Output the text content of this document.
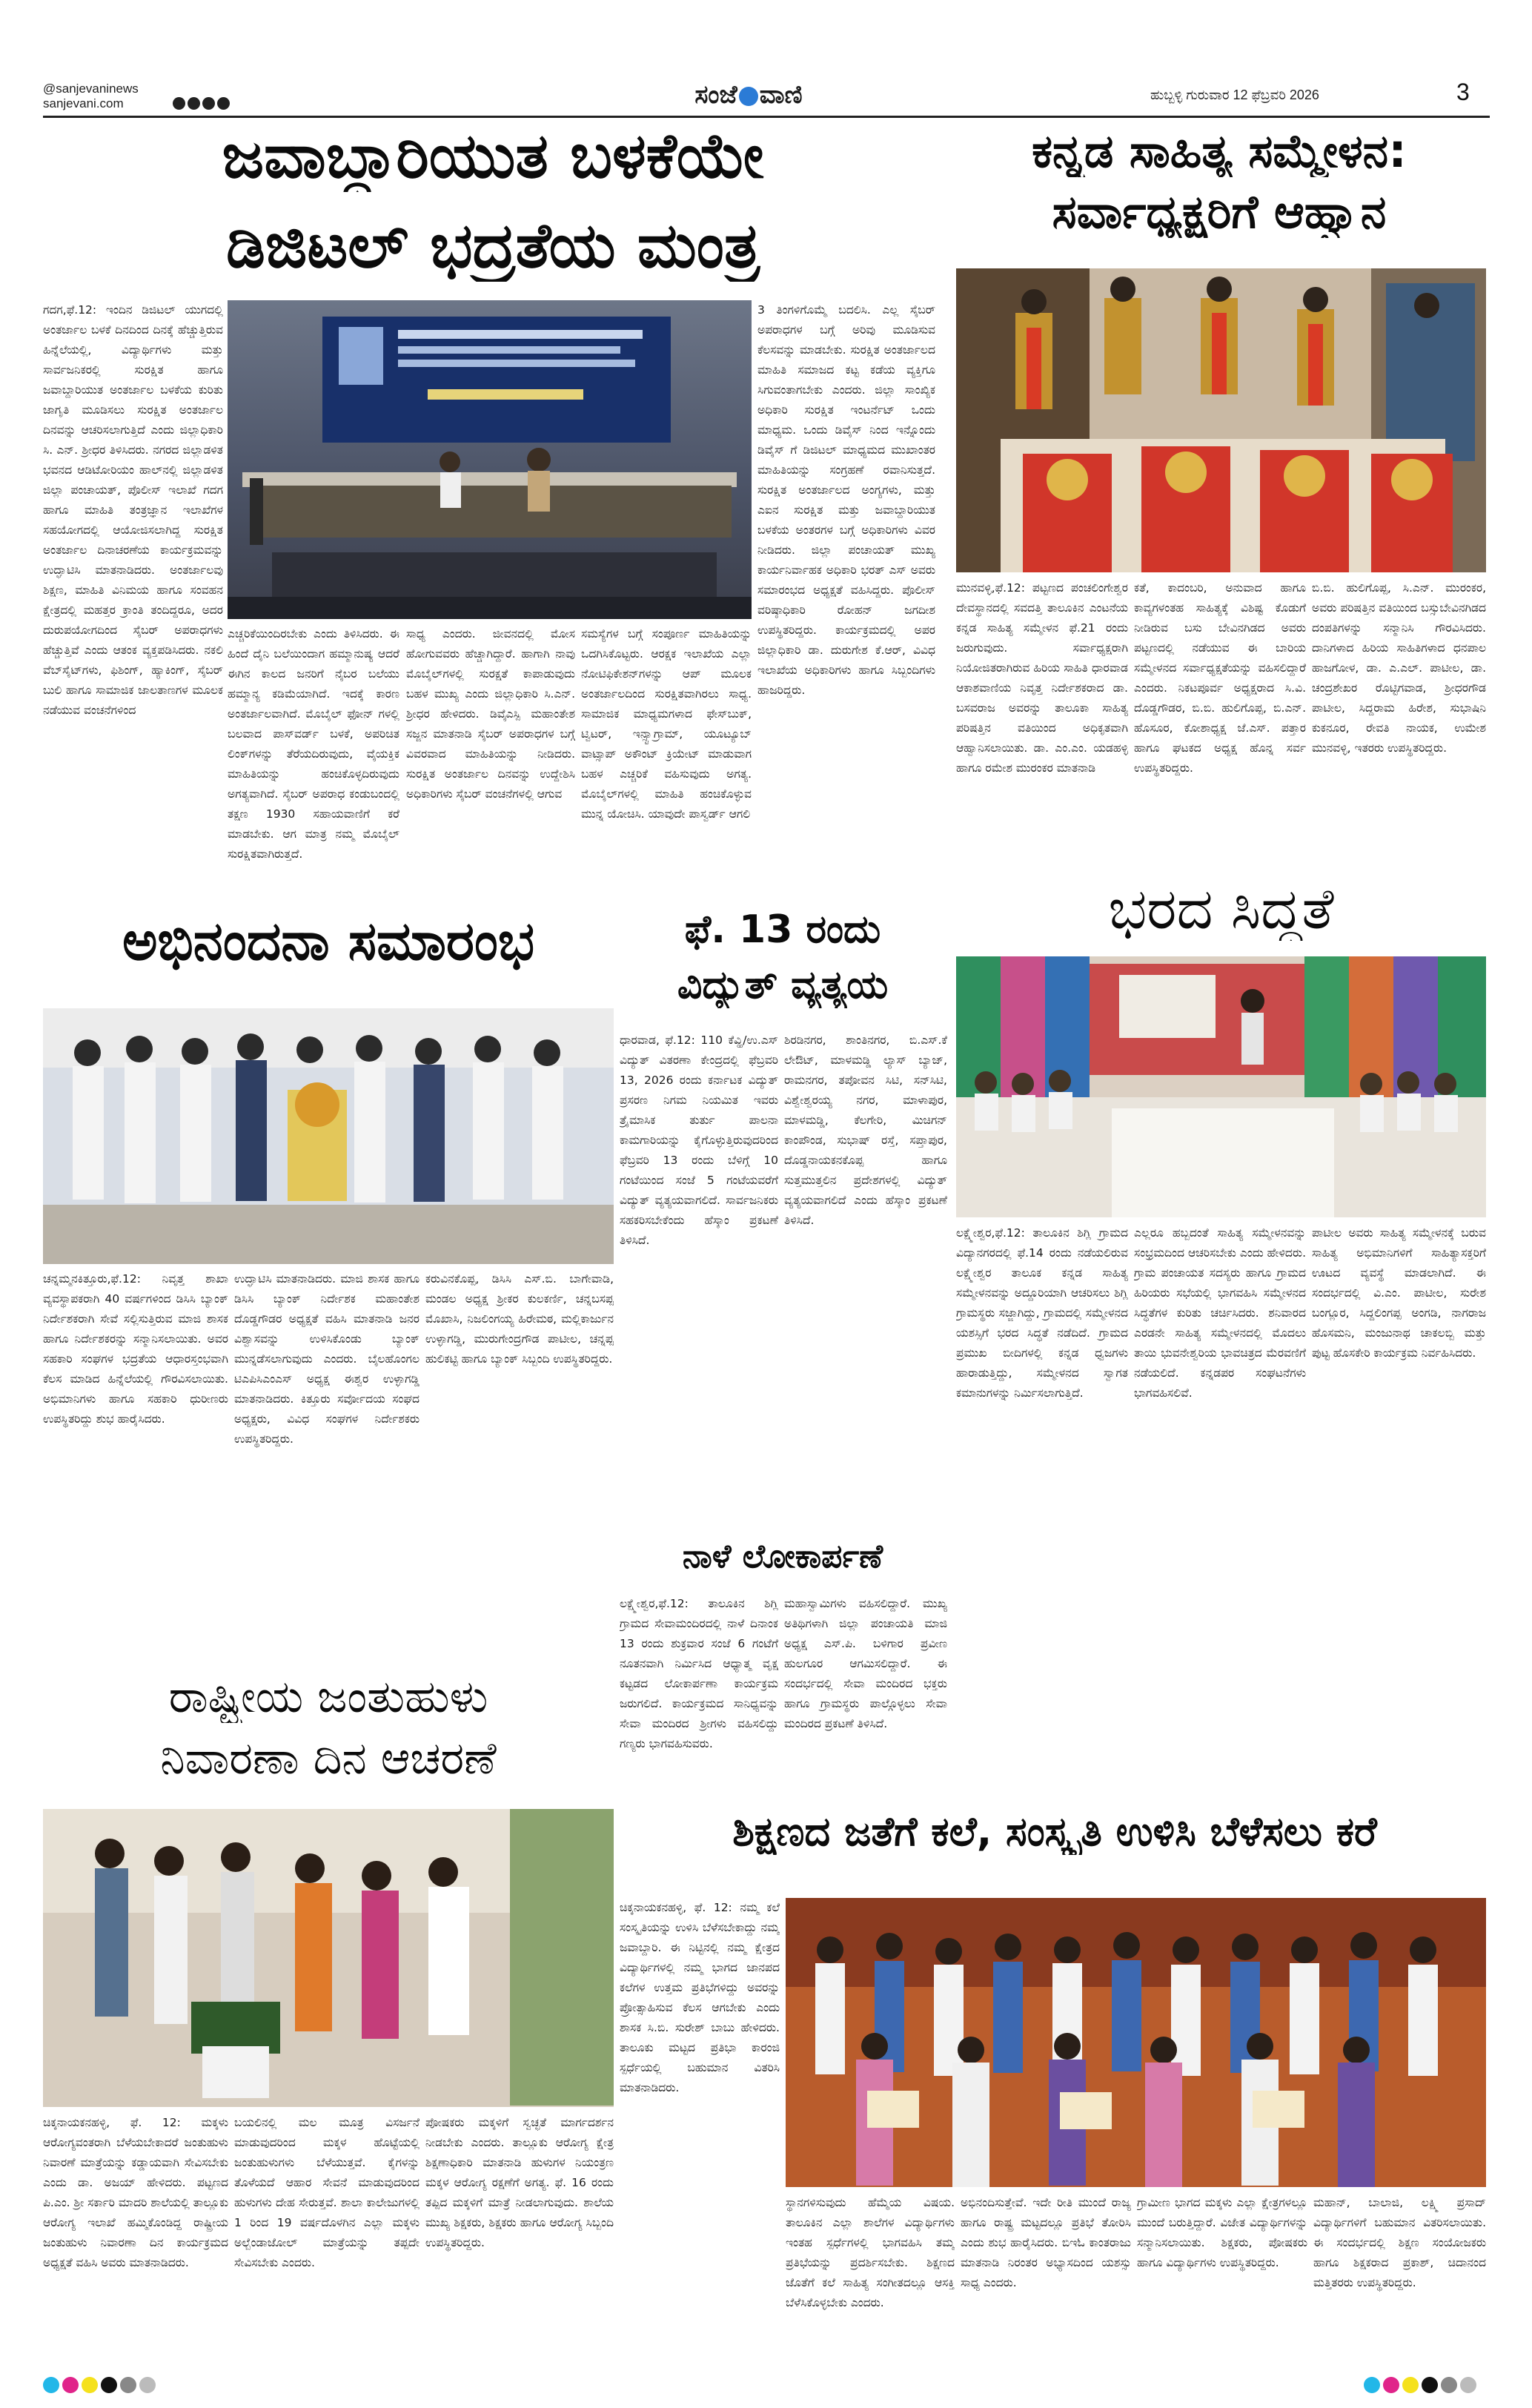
@sanjevaninews
sanjevani.com	ಸಂಜೆ ವಾಣಿ	ಹುಬ್ಬಳ್ಳಿ ಗುರುವಾರ 12 ಫೆಬ್ರವರಿ 2026	3
ಜವಾಬ್ದಾರಿಯುತ ಬಳಕೆಯೇ
ಡಿಜಿಟಲ್ ಭದ್ರತೆಯ ಮಂತ್ರ
ಗದಗ,ಫೆ.12: ಇಂದಿನ ಡಿಜಿಟಲ್ ಯುಗದಲ್ಲಿ ಅಂತರ್ಜಾಲ ಬಳಕೆ ದಿನದಿಂದ ದಿನಕ್ಕೆ ಹೆಚ್ಚುತ್ತಿರುವ ಹಿನ್ನೆಲೆಯಲ್ಲಿ, ವಿದ್ಯಾರ್ಥಿಗಳು ಮತ್ತು ಸಾರ್ವಜನಿಕರಲ್ಲಿ ಸುರಕ್ಷಿತ ಹಾಗೂ ಜವಾಬ್ದಾರಿಯುತ ಅಂತರ್ಜಾಲ ಬಳಕೆಯ ಕುರಿತು ಜಾಗೃತಿ ಮೂಡಿಸಲು ಸುರಕ್ಷಿತ ಅಂತರ್ಜಾಲ ದಿನವನ್ನು ಆಚರಿಸಲಾಗುತ್ತಿದೆ ಎಂದು ಜಿಲ್ಲಾಧಿಕಾರಿ ಸಿ. ಎನ್. ಶ್ರೀಧರ ತಿಳಿಸಿದರು. ನಗರದ ಜಿಲ್ಲಾಡಳಿತ ಭವನದ ಆಡಿಟೋರಿಯಂ ಹಾಲ್‌ನಲ್ಲಿ ಜಿಲ್ಲಾಡಳಿತ ಜಿಲ್ಲಾ ಪಂಚಾಯತ್, ಪೊಲೀಸ್ ಇಲಾಖೆ ಗದಗ ಹಾಗೂ ಮಾಹಿತಿ ತಂತ್ರಜ್ಞಾನ ಇಲಾಖೆಗಳ ಸಹಯೋಗದಲ್ಲಿ ಆಯೋಜಿಸಲಾಗಿದ್ದ ಸುರಕ್ಷಿತ ಅಂತರ್ಜಾಲ ದಿನಾಚರಣೆಯ ಕಾರ್ಯಕ್ರಮವನ್ನು ಉದ್ಘಾಟಿಸಿ ಮಾತನಾಡಿದರು. ಅಂತರ್ಜಾಲವು ಶಿಕ್ಷಣ, ಮಾಹಿತಿ ವಿನಿಮಯ ಹಾಗೂ ಸಂವಹನ ಕ್ಷೇತ್ರದಲ್ಲಿ ಮಹತ್ತರ ಕ್ರಾಂತಿ ತಂದಿದ್ದರೂ, ಅದರ ದುರುಪಯೋಗದಿಂದ ಸೈಬರ್ ಅಪರಾಧಗಳು ಹೆಚ್ಚುತ್ತಿವೆ ಎಂದು ಆತಂಕ ವ್ಯಕ್ತಪಡಿಸಿದರು. ನಕಲಿ ವೆಬ್‌ಸೈಟ್‌ಗಳು, ಫಿಶಿಂಗ್, ಹ್ಯಾಕಿಂಗ್, ಸೈಬರ್ ಬುಲಿ ಹಾಗೂ ಸಾಮಾಜಿಕ ಜಾಲತಾಣಗಳ ಮೂಲಕ ನಡೆಯುವ ವಂಚನೆಗಳಿಂದ
ಎಚ್ಚರಿಕೆಯಿಂದಿರಬೇಕು ಎಂದು ತಿಳಿಸಿದರು. ಈ ಹಿಂದೆ ದೈನಿ ಬಲೆಯಿಂದಾಗ ಹಮ್ಮಾನುಷ್ಯ ಆದರೆ ಈಗಿನ ಕಾಲದ ಜನರಿಗೆ ನೈಬರ ಬಲೆಯು ಹಮ್ಮಾನ್ಯ ಕಡಿಮೆಯಾಗಿದೆ. ಇದಕ್ಕೆ ಕಾರಣ ಅಂತರ್ಜಾಲವಾಗಿದೆ. ಮೊಬೈಲ್ ಫೋನ್ ಗಳಲ್ಲಿ ಬಲವಾದ ಪಾಸ್‌ವರ್ಡ್ ಬಳಕೆ, ಅಪರಿಚಿತ ಲಿಂಕ್‌ಗಳನ್ನು ತೆರೆಯದಿರುವುದು, ವೈಯಕ್ತಿಕ ಮಾಹಿತಿಯನ್ನು ಹಂಚಿಕೊಳ್ಳದಿರುವುದು ಅಗತ್ಯವಾಗಿದೆ. ಸೈಬರ್ ಅಪರಾಧ ಕಂಡುಬಂದಲ್ಲಿ ತಕ್ಷಣ 1930 ಸಹಾಯವಾಣಿಗೆ ಕರೆ ಮಾಡಬೇಕು. ಆಗ ಮಾತ್ರ ನಮ್ಮ ಮೊಬೈಲ್ ಸುರಕ್ಷಿತವಾಗಿರುತ್ತದೆ.
ಸಾಧ್ಯ ಎಂದರು. ಜೀವನದಲ್ಲಿ ಮೋಸ ಹೋಗುವವರು ಹೆಚ್ಚಾಗಿದ್ದಾರೆ. ಹಾಗಾಗಿ ನಾವು ಮೊಬೈಲ್‌ಗಳಲ್ಲಿ ಸುರಕ್ಷತೆ ಕಾಪಾಡುವುದು ಬಹಳ ಮುಖ್ಯ ಎಂದು ಜಿಲ್ಲಾಧಿಕಾರಿ ಸಿ.ಎನ್. ಶ್ರೀಧರ ಹೇಳಿದರು. ಡಿವೈಎಸ್ಪಿ ಮಹಾಂತೇಶ ಸಜ್ಜನ ಮಾತನಾಡಿ ಸೈಬರ್ ಅಪರಾಧಗಳ ಬಗ್ಗೆ ವಿವರವಾದ ಮಾಹಿತಿಯನ್ನು ನೀಡಿದರು. ಸುರಕ್ಷಿತ ಅಂತರ್ಜಾಲ ದಿನವನ್ನು ಉದ್ದೇಶಿಸಿ ಅಧಿಕಾರಿಗಳು ಸೈಬರ್ ವಂಚನೆಗಳಲ್ಲಿ ಆಗುವ
ಸಮಸ್ಯೆಗಳ ಬಗ್ಗೆ ಸಂಪೂರ್ಣ ಮಾಹಿತಿಯನ್ನು ಒದಗಿಸಿಕೊಟ್ಟರು. ಆರಕ್ಷಕ ಇಲಾಖೆಯ ಎಲ್ಲಾ ನೋಟಿಫಿಕೇಶನ್‌ಗಳನ್ನು ಆಪ್ ಮೂಲಕ ಅಂತರ್ಜಾಲದಿಂದ ಸುರಕ್ಷಿತವಾಗಿರಲು ಸಾಧ್ಯ. ಸಾಮಾಜಿಕ ಮಾಧ್ಯಮಗಳಾದ ಫೇಸ್‌ಬುಕ್, ಟ್ವಿಟರ್, ಇನ್ಸ್ಟಾಗ್ರಾಮ್, ಯೂಟ್ಯೂಬ್ ವಾಟ್ಸಾಪ್ ಅಕೌಂಟ್ ಕ್ರಿಯೇಟ್ ಮಾಡುವಾಗ ಬಹಳ ಎಚ್ಚರಿಕೆ ವಹಿಸುವುದು ಅಗತ್ಯ. ಮೊಬೈಲ್‌ಗಳಲ್ಲಿ ಮಾಹಿತಿ ಹಂಚಿಕೊಳ್ಳುವ ಮುನ್ನ ಯೋಚಿಸಿ. ಯಾವುದೇ ಪಾಸ್ವರ್ಡ್ ಆಗಲಿ
3 ತಿಂಗಳಿಗೊಮ್ಮೆ ಬದಲಿಸಿ. ಎಲ್ಲ ಸೈಬರ್ ಅಪರಾಧಗಳ ಬಗ್ಗೆ ಅರಿವು ಮೂಡಿಸುವ ಕೆಲಸವನ್ನು ಮಾಡಬೇಕು. ಸುರಕ್ಷಿತ ಅಂತರ್ಜಾಲದ ಮಾಹಿತಿ ಸಮಾಜದ ಕಟ್ಟ ಕಡೆಯ ವ್ಯಕ್ತಿಗೂ ಸಿಗುವಂತಾಗಬೇಕು ಎಂದರು. ಜಿಲ್ಲಾ ಸಾಂಖ್ಯಿಕ ಅಧಿಕಾರಿ ಸುರಕ್ಷಿತ ಇಂಟರ್ನೆಟ್ ಒಂದು ಮಾಧ್ಯಮ. ಒಂದು ಡಿವೈಸ್ ನಿಂದ ಇನ್ನೊಂದು ಡಿವೈಸ್ ಗೆ ಡಿಜಿಟಲ್ ಮಾಧ್ಯಮದ ಮುಖಾಂತರ ಮಾಹಿತಿಯನ್ನು ಸಂಗ್ರಹಣೆ ರವಾನಿಸುತ್ತದೆ. ಸುರಕ್ಷಿತ ಅಂತರ್ಜಾಲದ ಅಂಗ್ಯಗಳು, ಮತ್ತು ಎಐನ ಸುರಕ್ಷಿತ ಮತ್ತು ಜವಾಬ್ದಾರಿಯುತ ಬಳಕೆಯ ಅಂತರಗಳ ಬಗ್ಗೆ ಅಧಿಕಾರಿಗಳು ವಿವರ ನೀಡಿದರು. ಜಿಲ್ಲಾ ಪಂಚಾಯತ್ ಮುಖ್ಯ ಕಾರ್ಯನಿರ್ವಾಹಕ ಅಧಿಕಾರಿ ಭರತ್ ಎಸ್ ಅವರು ಸಮಾರಂಭದ ಅಧ್ಯಕ್ಷತೆ ವಹಿಸಿದ್ದರು. ಪೊಲೀಸ್ ವರಿಷ್ಠಾಧಿಕಾರಿ ರೋಹನ್ ಜಗದೀಶ ಉಪಸ್ಥಿತರಿದ್ದರು. ಕಾರ್ಯಕ್ರಮದಲ್ಲಿ ಅಪರ ಜಿಲ್ಲಾಧಿಕಾರಿ ಡಾ. ದುರುಗೇಶ ಕೆ.ಆರ್, ವಿವಿಧ ಇಲಾಖೆಯ ಅಧಿಕಾರಿಗಳು ಹಾಗೂ ಸಿಬ್ಬಂದಿಗಳು ಹಾಜರಿದ್ದರು.
ಕನ್ನಡ ಸಾಹಿತ್ಯ ಸಮ್ಮೇಳನ:
ಸರ್ವಾಧ್ಯಕ್ಷರಿಗೆ ಆಹ್ವಾನ
ಮುನವಳ್ಳಿ,ಫೆ.12: ಪಟ್ಟಣದ ಪಂಚಲಿಂಗೇಶ್ವರ ದೇವಸ್ಥಾನದಲ್ಲಿ ಸವದತ್ತಿ ತಾಲೂಕಿನ ಎಂಟನೆಯ ಕನ್ನಡ ಸಾಹಿತ್ಯ ಸಮ್ಮೇಳನ ಫೆ.21 ರಂದು ಜರುಗುವುದು. ಸರ್ವಾಧ್ಯಕ್ಷರಾಗಿ ನಿಯೋಜಿತರಾಗಿರುವ ಹಿರಿಯ ಸಾಹಿತಿ ಧಾರವಾಡ ಆಕಾಶವಾಣಿಯ ನಿವೃತ್ತ ನಿರ್ದೇಶಕರಾದ ಡಾ. ಬಸವರಾಜ ಅವರನ್ನು ತಾಲೂಕಾ ಸಾಹಿತ್ಯ ಪರಿಷತ್ತಿನ ವತಿಯಿಂದ ಅಧಿಕೃತವಾಗಿ ಆಹ್ವಾನಿಸಲಾಯಿತು. ಡಾ. ಎಂ.ಎಂ. ಯಡಹಳ್ಳಿ ಹಾಗೂ ರಮೇಶ ಮುರಂಕರ ಮಾತನಾಡಿ
ಕತೆ, ಕಾದಂಬರಿ, ಅನುವಾದ ಹಾಗೂ ಕಾವ್ಯಗಳಂತಹ ಸಾಹಿತ್ಯಕ್ಕೆ ವಿಶಿಷ್ಟ ಕೊಡುಗೆ ನೀಡಿರುವ ಬಸು ಬೇವಿನಗಿಡದ ಅವರು ಪಟ್ಟಣದಲ್ಲಿ ನಡೆಯುವ ಈ ಬಾರಿಯ ಸಮ್ಮೇಳನದ ಸರ್ವಾಧ್ಯಕ್ಷತೆಯನ್ನು ವಹಿಸಲಿದ್ದಾರೆ ಎಂದರು. ನಿಕಟಪೂರ್ವ ಅಧ್ಯಕ್ಷರಾದ ಸಿ.ವಿ. ದೊಡ್ಡಗೌಡರ, ಬಿ.ಬಿ. ಹುಲಿಗೊಪ್ಪ, ಬಿ.ಎನ್. ಹೊಸೂರ, ಕೋಶಾಧ್ಯಕ್ಷ ಜೆ.ಎಸ್. ಪತ್ತಾರ ಹಾಗೂ ಘಟಕದ ಅಧ್ಯಕ್ಷ ಹೊನ್ನ ಸರ್ವ ಉಪಸ್ಥಿತರಿದ್ದರು.
ಬಿ.ಬಿ. ಹುಲಿಗೊಪ್ಪ, ಸಿ.ಎನ್. ಮುರಂಕರ, ಅವರು ಪರಿಷತ್ತಿನ ವತಿಯಿಂದ ಬಸ್ಸುಬೇವಿನಗಿಡದ ದಂಪತಿಗಳನ್ನು ಸನ್ಮಾನಿಸಿ ಗೌರವಿಸಿದರು. ದಾನಿಗಳಾದ ಹಿರಿಯ ಸಾಹಿತಿಗಳಾದ ಧನಪಾಲ ಹಾಜಗೋಳ, ಡಾ. ಎ.ಎಲ್. ಪಾಟೀಲ, ಡಾ. ಚಂದ್ರಶೇಖರ ರೊಟ್ಟಿಗವಾಡ, ಶ್ರೀಧರಗೌಡ ಪಾಟೀಲ, ಸಿದ್ದರಾಮ ಹಿರೇಶ, ಸುಭಾಷಿನಿ ಕುಕನೂರ, ರೇವತಿ ನಾಯಕ, ಉಮೇಶ ಮುನವಳ್ಳಿ, ಇತರರು ಉಪಸ್ಥಿತರಿದ್ದರು.
ಭರದ ಸಿದ್ಧತೆ
ಲಕ್ಷ್ಮೇಶ್ವರ,ಫೆ.12: ತಾಲೂಕಿನ ಶಿಗ್ಲಿ ಗ್ರಾಮದ ವಿದ್ಯಾನಗರದಲ್ಲಿ ಫೆ.14 ರಂದು ನಡೆಯಲಿರುವ ಲಕ್ಷ್ಮೇಶ್ವರ ತಾಲೂಕ ಕನ್ನಡ ಸಾಹಿತ್ಯ ಸಮ್ಮೇಳನವನ್ನು ಅದ್ದೂರಿಯಾಗಿ ಆಚರಿಸಲು ಶಿಗ್ಲಿ ಗ್ರಾಮಸ್ಥರು ಸಜ್ಜಾಗಿದ್ದು, ಗ್ರಾಮದಲ್ಲಿ ಸಮ್ಮೇಳನದ ಯಶಸ್ಸಿಗೆ ಭರದ ಸಿದ್ಧತೆ ನಡೆದಿದೆ. ಗ್ರಾಮದ ಪ್ರಮುಖ ಬೀದಿಗಳಲ್ಲಿ ಕನ್ನಡ ಧ್ವಜಗಳು ಹಾರಾಡುತ್ತಿದ್ದು, ಸಮ್ಮೇಳನದ ಸ್ವಾಗತ ಕಮಾನುಗಳನ್ನು ನಿರ್ಮಿಸಲಾಗುತ್ತಿದೆ.
ಎಲ್ಲರೂ ಹಬ್ಬದಂತೆ ಸಾಹಿತ್ಯ ಸಮ್ಮೇಳನವನ್ನು ಸಂಭ್ರಮದಿಂದ ಆಚರಿಸಬೇಕು ಎಂದು ಹೇಳಿದರು. ಗ್ರಾಮ ಪಂಚಾಯತ ಸದಸ್ಯರು ಹಾಗೂ ಗ್ರಾಮದ ಹಿರಿಯರು ಸಭೆಯಲ್ಲಿ ಭಾಗವಹಿಸಿ ಸಮ್ಮೇಳನದ ಸಿದ್ಧತೆಗಳ ಕುರಿತು ಚರ್ಚಿಸಿದರು. ಶನಿವಾರದ ಎರಡನೇ ಸಾಹಿತ್ಯ ಸಮ್ಮೇಳನದಲ್ಲಿ ಮೊದಲು ತಾಯಿ ಭುವನೇಶ್ವರಿಯ ಭಾವಚಿತ್ರದ ಮೆರವಣಿಗೆ ನಡೆಯಲಿದೆ. ಕನ್ನಡಪರ ಸಂಘಟನೆಗಳು ಭಾಗವಹಿಸಲಿವೆ.
ಪಾಟೀಲ ಅವರು ಸಾಹಿತ್ಯ ಸಮ್ಮೇಳನಕ್ಕೆ ಬರುವ ಸಾಹಿತ್ಯ ಅಭಿಮಾನಿಗಳಿಗೆ ಸಾಹಿತ್ಯಾಸಕ್ತರಿಗೆ ಊಟದ ವ್ಯವಸ್ಥೆ ಮಾಡಲಾಗಿದೆ. ಈ ಸಂದರ್ಭದಲ್ಲಿ ವಿ.ಎಂ. ಪಾಟೀಲ, ಸುರೇಶ ಬಂಗ್ಲೂರ, ಸಿದ್ದಲಿಂಗಪ್ಪ ಅಂಗಡಿ, ನಾಗರಾಜ ಹೊಸಮನಿ, ಮಂಜುನಾಥ ಚಾಕಲಬ್ಬಿ ಮತ್ತು ಪುಟ್ಟ ಹೊಸಕೇರಿ ಕಾರ್ಯಕ್ರಮ ನಿರ್ವಹಿಸಿದರು.
ಅಭಿನಂದನಾ ಸಮಾರಂಭ
ಚನ್ನಮ್ಮನಕಿತ್ತೂರು,ಫೆ.12: ನಿವೃತ್ತ ಶಾಖಾ ವ್ಯವಸ್ಥಾಪಕರಾಗಿ 40 ವರ್ಷಗಳಿಂದ ಡಿಸಿಸಿ ಬ್ಯಾಂಕ್ ನಿರ್ದೇಶಕರಾಗಿ ಸೇವೆ ಸಲ್ಲಿಸುತ್ತಿರುವ ಮಾಜಿ ಶಾಸಕ ಹಾಗೂ ನಿರ್ದೇಶಕರನ್ನು ಸನ್ಮಾನಿಸಲಾಯಿತು. ಅವರ ಸಹಕಾರಿ ಸಂಘಗಳ ಭದ್ರತೆಯ ಆಧಾರಸ್ತಂಭವಾಗಿ ಕೆಲಸ ಮಾಡಿದ ಹಿನ್ನೆಲೆಯಲ್ಲಿ ಗೌರವಿಸಲಾಯಿತು. ಅಭಿಮಾನಿಗಳು ಹಾಗೂ ಸಹಕಾರಿ ಧುರೀಣರು ಉಪಸ್ಥಿತರಿದ್ದು ಶುಭ ಹಾರೈಸಿದರು.
ಉದ್ಘಾಟಿಸಿ ಮಾತನಾಡಿದರು. ಮಾಜಿ ಶಾಸಕ ಹಾಗೂ ಡಿಸಿಸಿ ಬ್ಯಾಂಕ್ ನಿರ್ದೇಶಕ ಮಹಾಂತೇಶ ದೊಡ್ಡಗೌಡರ ಅಧ್ಯಕ್ಷತೆ ವಹಿಸಿ ಮಾತನಾಡಿ ಜನರ ವಿಶ್ವಾಸವನ್ನು ಉಳಿಸಿಕೊಂಡು ಬ್ಯಾಂಕ್ ಮುನ್ನಡೆಸಲಾಗುವುದು ಎಂದರು. ಬೈಲಹೊಂಗಲ ಟಿಎಪಿಸಿಎಂಎಸ್ ಅಧ್ಯಕ್ಷ ಈಶ್ವರ ಉಳ್ಳಾಗಡ್ಡಿ ಮಾತನಾಡಿದರು. ಕಿತ್ತೂರು ಸರ್ವೋದಯ ಸಂಘದ ಅಧ್ಯಕ್ಷರು, ವಿವಿಧ ಸಂಘಗಳ ನಿರ್ದೇಶಕರು ಉಪಸ್ಥಿತರಿದ್ದರು.
ಕರುವಿನಕೊಪ್ಪ, ಡಿಸಿಸಿ ಎಸ್.ಬಿ. ಬಾಗೇವಾಡಿ, ಮಂಡಲ ಅಧ್ಯಕ್ಷ ಶ್ರೀಕರ ಕುಲಕರ್ಣಿ, ಚನ್ನಬಸಪ್ಪ ಮೊಖಾಸಿ, ನಿಜಲಿಂಗಯ್ಯ ಹಿರೇಮಠ, ಮಲ್ಲಿಕಾರ್ಜುನ ಉಳ್ಳಾಗಡ್ಡಿ, ಮುರುಗೇಂದ್ರಗೌಡ ಪಾಟೀಲ, ಚನ್ನಪ್ಪ ಹುಲಿಕಟ್ಟಿ ಹಾಗೂ ಬ್ಯಾಂಕ್ ಸಿಬ್ಬಂದಿ ಉಪಸ್ಥಿತರಿದ್ದರು.
ಫೆ. 13 ರಂದು
ವಿದ್ಯುತ್ ವ್ಯತ್ಯಯ
ಧಾರವಾಡ, ಫೆ.12: 110 ಕೆವ್ಹಿ/ಉ.ಎಸ್ ವಿದ್ಯುತ್ ವಿತರಣಾ ಕೇಂದ್ರದಲ್ಲಿ ಫೆಬ್ರವರಿ 13, 2026 ರಂದು ಕರ್ನಾಟಕ ವಿದ್ಯುತ್ ಪ್ರಸರಣ ನಿಗಮ ನಿಯಮಿತ ಇವರು ತ್ರೈಮಾಸಿಕ ತುರ್ತು ಪಾಲನಾ ಕಾಮಗಾರಿಯನ್ನು ಕೈಗೊಳ್ಳುತ್ತಿರುವುದರಿಂದ ಫೆಬ್ರವರಿ 13 ರಂದು ಬೆಳಿಗ್ಗೆ 10 ಗಂಟೆಯಿಂದ ಸಂಜೆ 5 ಗಂಟೆಯವರೆಗೆ ವಿದ್ಯುತ್ ವ್ಯತ್ಯಯವಾಗಲಿದೆ. ಸಾರ್ವಜನಿಕರು ಸಹಕರಿಸಬೇಕೆಂದು ಹೆಸ್ಕಾಂ ಪ್ರಕಟಣೆ ತಿಳಿಸಿದೆ.
ಶಿರಡಿನಗರ, ಶಾಂತಿನಗರ, ಬಿ.ಎಸ್.ಕೆ ಲೇಔಟ್, ಮಾಳಮಡ್ಡಿ ಲ್ಯಾಸ್ ಬ್ಯಾಜ್, ರಾಮನಗರ, ತಪೋವನ ಸಿಟಿ, ಸನ್‌ಸಿಟಿ, ವಿಶ್ವೇಶ್ವರಯ್ಯ ನಗರ, ಮಾಳಾಪುರ, ಮಾಳಮಡ್ಡಿ, ಕೆಲಗೇರಿ, ಮಿಚಿಗನ್ ಕಾಂಪೌಂಡ, ಸುಭಾಷ್ ರಸ್ತೆ, ಸಪ್ತಾಪುರ, ದೊಡ್ಡನಾಯಕನಕೊಪ್ಪ ಹಾಗೂ ಸುತ್ತಮುತ್ತಲಿನ ಪ್ರದೇಶಗಳಲ್ಲಿ ವಿದ್ಯುತ್ ವ್ಯತ್ಯಯವಾಗಲಿದೆ ಎಂದು ಹೆಸ್ಕಾಂ ಪ್ರಕಟಣೆ ತಿಳಿಸಿದೆ.
ನಾಳೆ ಲೋಕಾರ್ಪಣೆ
ಲಕ್ಷ್ಮೇಶ್ವರ,ಫೆ.12: ತಾಲೂಕಿನ ಶಿಗ್ಲಿ ಗ್ರಾಮದ ಸೇವಾಮಂದಿರದಲ್ಲಿ ನಾಳೆ ದಿನಾಂಕ 13 ರಂದು ಶುಕ್ರವಾರ ಸಂಜೆ 6 ಗಂಟೆಗೆ ನೂತನವಾಗಿ ನಿರ್ಮಿಸಿದ ಆಧ್ಯಾತ್ಮ ವೃಕ್ಷ ಕಟ್ಟಡದ ಲೋಕಾರ್ಪಣಾ ಕಾರ್ಯಕ್ರಮ ಜರುಗಲಿದೆ. ಕಾರ್ಯಕ್ರಮದ ಸಾನಿಧ್ಯವನ್ನು ಸೇವಾ ಮಂದಿರದ ಶ್ರೀಗಳು ವಹಿಸಲಿದ್ದು ಗಣ್ಯರು ಭಾಗವಹಿಸುವರು.
ಮಹಾಸ್ವಾಮಿಗಳು ವಹಿಸಲಿದ್ದಾರೆ. ಮುಖ್ಯ ಅತಿಥಿಗಳಾಗಿ ಜಿಲ್ಲಾ ಪಂಚಾಯತಿ ಮಾಜಿ ಅಧ್ಯಕ್ಷ ಎಸ್.ಪಿ. ಬಳಿಗಾರ ಪ್ರವೀಣ ಹುಲಗೂರ ಆಗಮಿಸಲಿದ್ದಾರೆ. ಈ ಸಂದರ್ಭದಲ್ಲಿ ಸೇವಾ ಮಂದಿರದ ಭಕ್ತರು ಹಾಗೂ ಗ್ರಾಮಸ್ಥರು ಪಾಲ್ಗೊಳ್ಳಲು ಸೇವಾ ಮಂದಿರದ ಪ್ರಕಟಣೆ ತಿಳಿಸಿದೆ.
ರಾಷ್ಟ್ರೀಯ ಜಂತುಹುಳು
ನಿವಾರಣಾ ದಿನ ಆಚರಣೆ
ಚಿಕ್ಕನಾಯಕನಹಳ್ಳಿ, ಫೆ. 12: ಮಕ್ಕಳು ಆರೋಗ್ಯವಂತರಾಗಿ ಬೆಳೆಯಬೇಕಾದರೆ ಜಂತುಹುಳು ನಿವಾರಣೆ ಮಾತ್ರೆಯನ್ನು ಕಡ್ಡಾಯವಾಗಿ ಸೇವಿಸಬೇಕು ಎಂದು ಡಾ. ಅಜಯ್ ಹೇಳಿದರು. ಪಟ್ಟಣದ ಪಿ.ಎಂ. ಶ್ರೀ ಸರ್ಕಾರಿ ಮಾದರಿ ಶಾಲೆಯಲ್ಲಿ ತಾಲ್ಲೂಕು ಆರೋಗ್ಯ ಇಲಾಖೆ ಹಮ್ಮಿಕೊಂಡಿದ್ದ ರಾಷ್ಟ್ರೀಯ ಜಂತುಹುಳು ನಿವಾರಣಾ ದಿನ ಕಾರ್ಯಕ್ರಮದ ಅಧ್ಯಕ್ಷತೆ ವಹಿಸಿ ಅವರು ಮಾತನಾಡಿದರು.
ಬಯಲಿನಲ್ಲಿ ಮಲ ಮೂತ್ರ ವಿಸರ್ಜನೆ ಮಾಡುವುದರಿಂದ ಮಕ್ಕಳ ಹೊಟ್ಟೆಯಲ್ಲಿ ಜಂತುಹುಳುಗಳು ಬೆಳೆಯುತ್ತವೆ. ಕೈಗಳನ್ನು ತೊಳೆಯದೆ ಆಹಾರ ಸೇವನೆ ಮಾಡುವುದರಿಂದ ಹುಳುಗಳು ದೇಹ ಸೇರುತ್ತವೆ. ಶಾಲಾ ಕಾಲೇಜುಗಳಲ್ಲಿ 1 ರಿಂದ 19 ವರ್ಷದೊಳಗಿನ ಎಲ್ಲಾ ಮಕ್ಕಳು ಅಲ್ಬೆಂಡಾಜೋಲ್ ಮಾತ್ರೆಯನ್ನು ತಪ್ಪದೇ ಸೇವಿಸಬೇಕು ಎಂದರು.
ಪೋಷಕರು ಮಕ್ಕಳಿಗೆ ಸ್ವಚ್ಛತೆ ಮಾರ್ಗದರ್ಶನ ನೀಡಬೇಕು ಎಂದರು. ತಾಲ್ಲೂಕು ಆರೋಗ್ಯ ಕ್ಷೇತ್ರ ಶಿಕ್ಷಣಾಧಿಕಾರಿ ಮಾತನಾಡಿ ಹುಳುಗಳ ನಿಯಂತ್ರಣ ಮಕ್ಕಳ ಆರೋಗ್ಯ ರಕ್ಷಣೆಗೆ ಅಗತ್ಯ. ಫೆ. 16 ರಂದು ತಪ್ಪಿದ ಮಕ್ಕಳಿಗೆ ಮಾತ್ರೆ ನೀಡಲಾಗುವುದು. ಶಾಲೆಯ ಮುಖ್ಯ ಶಿಕ್ಷಕರು, ಶಿಕ್ಷಕರು ಹಾಗೂ ಆರೋಗ್ಯ ಸಿಬ್ಬಂದಿ ಉಪಸ್ಥಿತರಿದ್ದರು.
ಶಿಕ್ಷಣದ ಜತೆಗೆ ಕಲೆ, ಸಂಸ್ಕೃತಿ ಉಳಿಸಿ ಬೆಳೆಸಲು ಕರೆ
ಚಿಕ್ಕನಾಯಕನಹಳ್ಳಿ, ಫೆ. 12: ನಮ್ಮ ಕಲೆ ಸಂಸ್ಕೃತಿಯನ್ನು ಉಳಿಸಿ ಬೆಳೆಸಬೇಕಾದ್ದು ನಮ್ಮ ಜವಾಬ್ದಾರಿ. ಈ ನಿಟ್ಟಿನಲ್ಲಿ ನಮ್ಮ ಕ್ಷೇತ್ರದ ವಿದ್ಯಾರ್ಥಿಗಳಲ್ಲಿ ನಮ್ಮ ಭಾಗದ ಜಾನಪದ ಕಲೆಗಳ ಉತ್ತಮ ಪ್ರತಿಭೆಗಳಿದ್ದು ಅವರನ್ನು ಪ್ರೋತ್ಸಾಹಿಸುವ ಕೆಲಸ ಆಗಬೇಕು ಎಂದು ಶಾಸಕ ಸಿ.ಬಿ. ಸುರೇಶ್ ಬಾಬು ಹೇಳಿದರು. ತಾಲೂಕು ಮಟ್ಟದ ಪ್ರತಿಭಾ ಕಾರಂಜಿ ಸ್ಪರ್ಧೆಯಲ್ಲಿ ಬಹುಮಾನ ವಿತರಿಸಿ ಮಾತನಾಡಿದರು.
ಸ್ಥಾನಗಳಿಸುವುದು ಹೆಮ್ಮೆಯ ವಿಷಯ. ತಾಲೂಕಿನ ಎಲ್ಲಾ ಶಾಲೆಗಳ ವಿದ್ಯಾರ್ಥಿಗಳು ಇಂತಹ ಸ್ಪರ್ಧೆಗಳಲ್ಲಿ ಭಾಗವಹಿಸಿ ತಮ್ಮ ಪ್ರತಿಭೆಯನ್ನು ಪ್ರದರ್ಶಿಸಬೇಕು. ಶಿಕ್ಷಣದ ಜೊತೆಗೆ ಕಲೆ ಸಾಹಿತ್ಯ ಸಂಗೀತದಲ್ಲೂ ಆಸಕ್ತಿ ಬೆಳೆಸಿಕೊಳ್ಳಬೇಕು ಎಂದರು.
ಅಭಿನಂದಿಸುತ್ತೇವೆ. ಇದೇ ರೀತಿ ಮುಂದೆ ರಾಜ್ಯ ಹಾಗೂ ರಾಷ್ಟ್ರ ಮಟ್ಟದಲ್ಲೂ ಪ್ರತಿಭೆ ತೋರಿಸಿ ಎಂದು ಶುಭ ಹಾರೈಸಿದರು. ಬಿಇಓ ಕಾಂತರಾಜು ಮಾತನಾಡಿ ನಿರಂತರ ಅಭ್ಯಾಸದಿಂದ ಯಶಸ್ಸು ಸಾಧ್ಯ ಎಂದರು.
ಗ್ರಾಮೀಣ ಭಾಗದ ಮಕ್ಕಳು ಎಲ್ಲಾ ಕ್ಷೇತ್ರಗಳಲ್ಲೂ ಮುಂದೆ ಬರುತ್ತಿದ್ದಾರೆ. ವಿಜೇತ ವಿದ್ಯಾರ್ಥಿಗಳನ್ನು ಸನ್ಮಾನಿಸಲಾಯಿತು. ಶಿಕ್ಷಕರು, ಪೋಷಕರು ಹಾಗೂ ವಿದ್ಯಾರ್ಥಿಗಳು ಉಪಸ್ಥಿತರಿದ್ದರು.
ಮಹಾನ್, ಬಾಲಾಜಿ, ಲಕ್ಷ್ಮಿ ಪ್ರಸಾದ್ ವಿದ್ಯಾರ್ಥಿಗಳಿಗೆ ಬಹುಮಾನ ವಿತರಿಸಲಾಯಿತು. ಈ ಸಂದರ್ಭದಲ್ಲಿ ಶಿಕ್ಷಣ ಸಂಯೋಜಕರು ಹಾಗೂ ಶಿಕ್ಷಕರಾದ ಪ್ರಕಾಶ್, ಚಿದಾನಂದ ಮತ್ತಿತರರು ಉಪಸ್ಥಿತರಿದ್ದರು.
